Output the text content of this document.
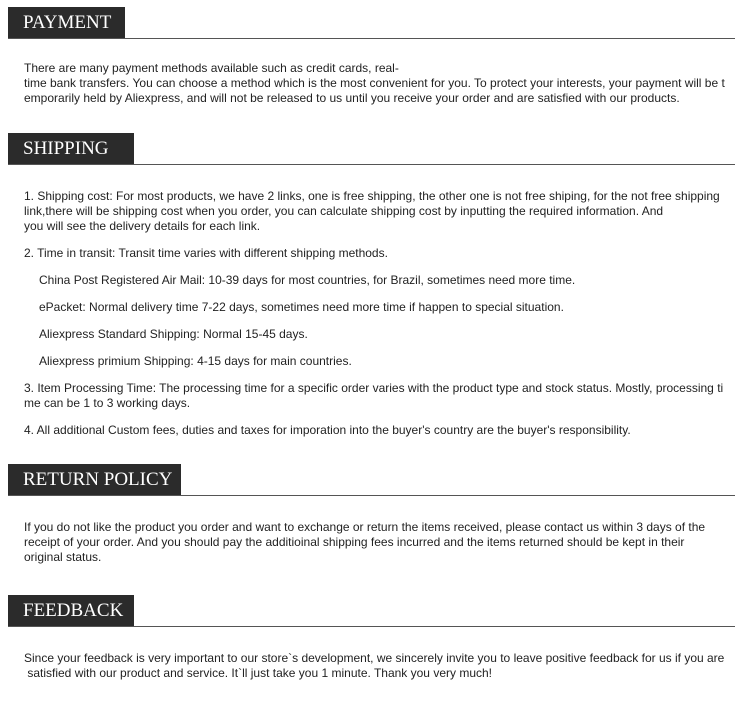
PAYMENT

There are many payment methods available such as credit cards, real-

time bank transfers. You can choose a method which is the most convenient for you. To protect your interests, your payment will be t

emporarily held by Aliexpress, and will not be released to us until you receive your order and are satisfied with our products.

SHIPPING

1. Shipping cost: For most products, we have 2 links, one is free shipping, the other one is not free shiping, for the not free shipping

link,there will be shipping cost when you order, you can calculate shipping cost by inputting the required information. And

you will see the delivery details for each link.

2. Time in transit: Transit time varies with different shipping methods.

China Post Registered Air Mail: 10-39 days for most countries, for Brazil, sometimes need more time.

ePacket: Normal delivery time 7-22 days, sometimes need more time if happen to special situation.

Aliexpress Standard Shipping: Normal 15-45 days.

Aliexpress primium Shipping: 4-15 days for main countries.

3. Item Processing Time: The processing time for a specific order varies with the product type and stock status. Mostly, processing ti

me can be 1 to 3 working days.

4. All additional Custom fees, duties and taxes for imporation into the buyer's country are the buyer's responsibility.

RETURN POLICY

If you do not like the product you order and want to exchange or return the items received, please contact us within 3 days of the

receipt of your order. And you should pay the additioinal shipping fees incurred and the items returned should be kept in their

original status.

FEEDBACK

Since your feedback is very important to our store`s development, we sincerely invite you to leave positive feedback for us if you are

satisfied with our product and service. It`ll just take you 1 minute. Thank you very much!
